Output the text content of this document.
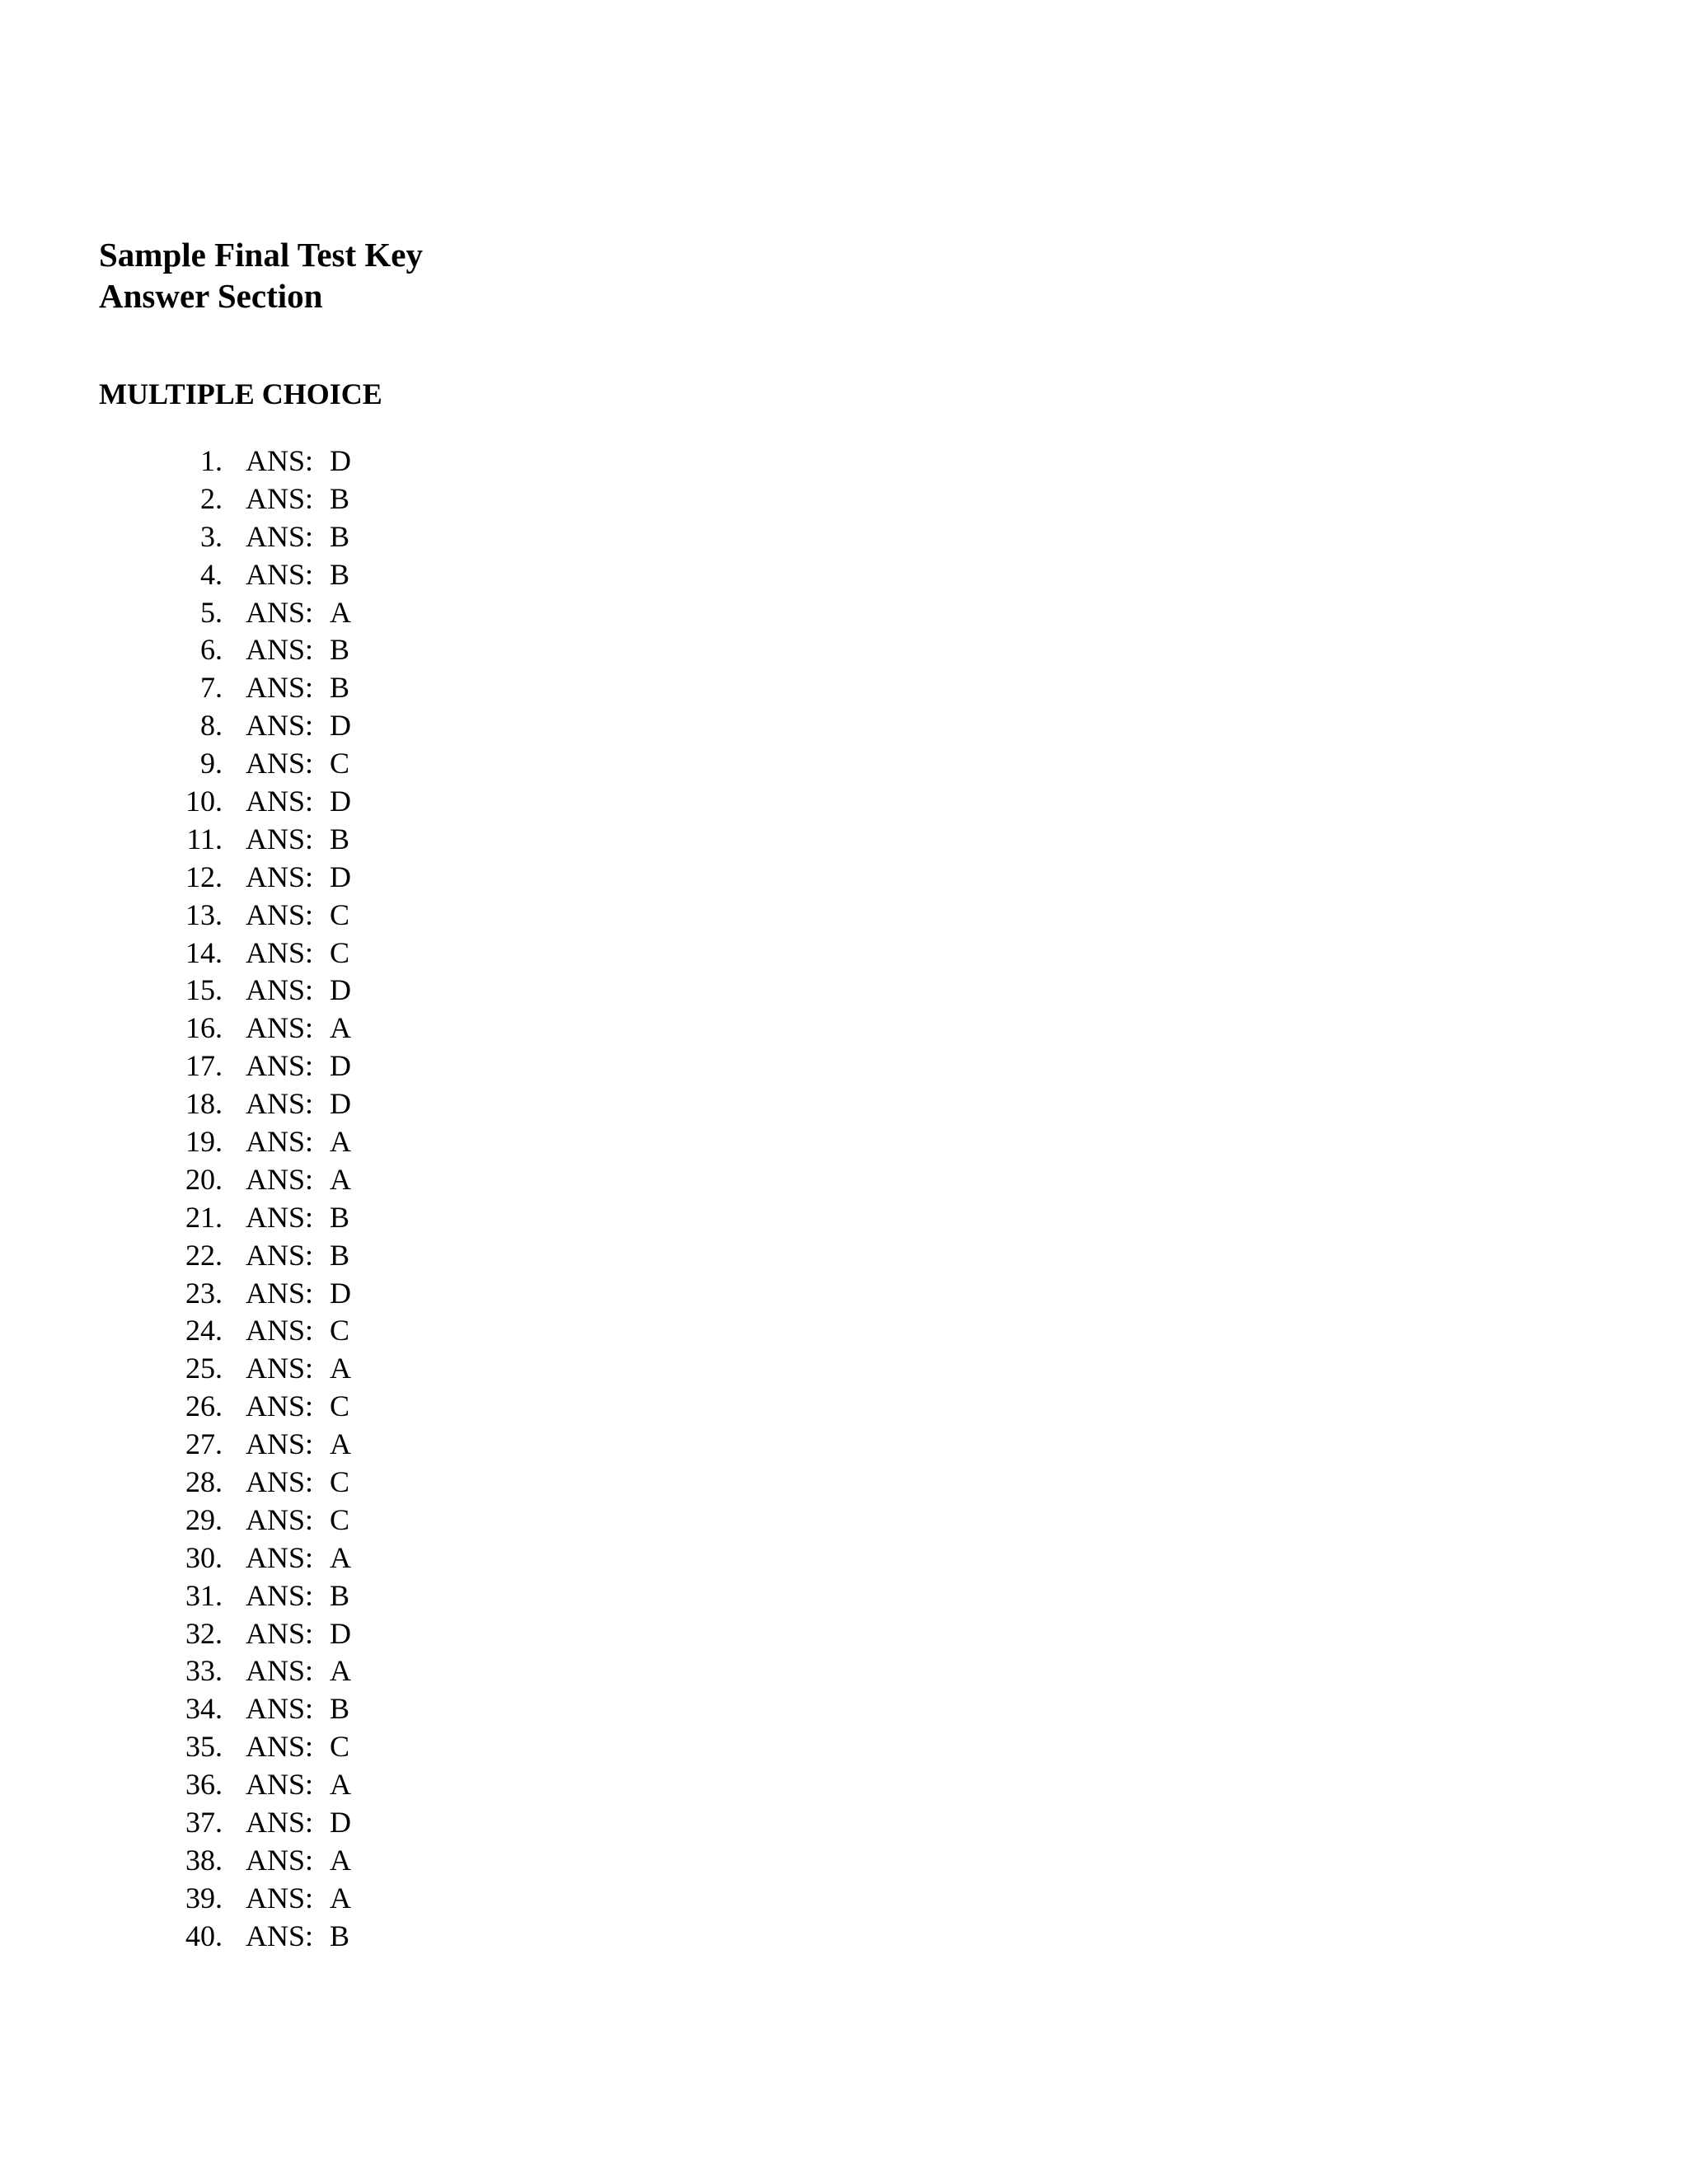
Sample Final Test Key
Answer Section
MULTIPLE CHOICE
1. ANS: D
2. ANS: B
3. ANS: B
4. ANS: B
5. ANS: A
6. ANS: B
7. ANS: B
8. ANS: D
9. ANS: C
10. ANS: D
11. ANS: B
12. ANS: D
13. ANS: C
14. ANS: C
15. ANS: D
16. ANS: A
17. ANS: D
18. ANS: D
19. ANS: A
20. ANS: A
21. ANS: B
22. ANS: B
23. ANS: D
24. ANS: C
25. ANS: A
26. ANS: C
27. ANS: A
28. ANS: C
29. ANS: C
30. ANS: A
31. ANS: B
32. ANS: D
33. ANS: A
34. ANS: B
35. ANS: C
36. ANS: A
37. ANS: D
38. ANS: A
39. ANS: A
40. ANS: B
